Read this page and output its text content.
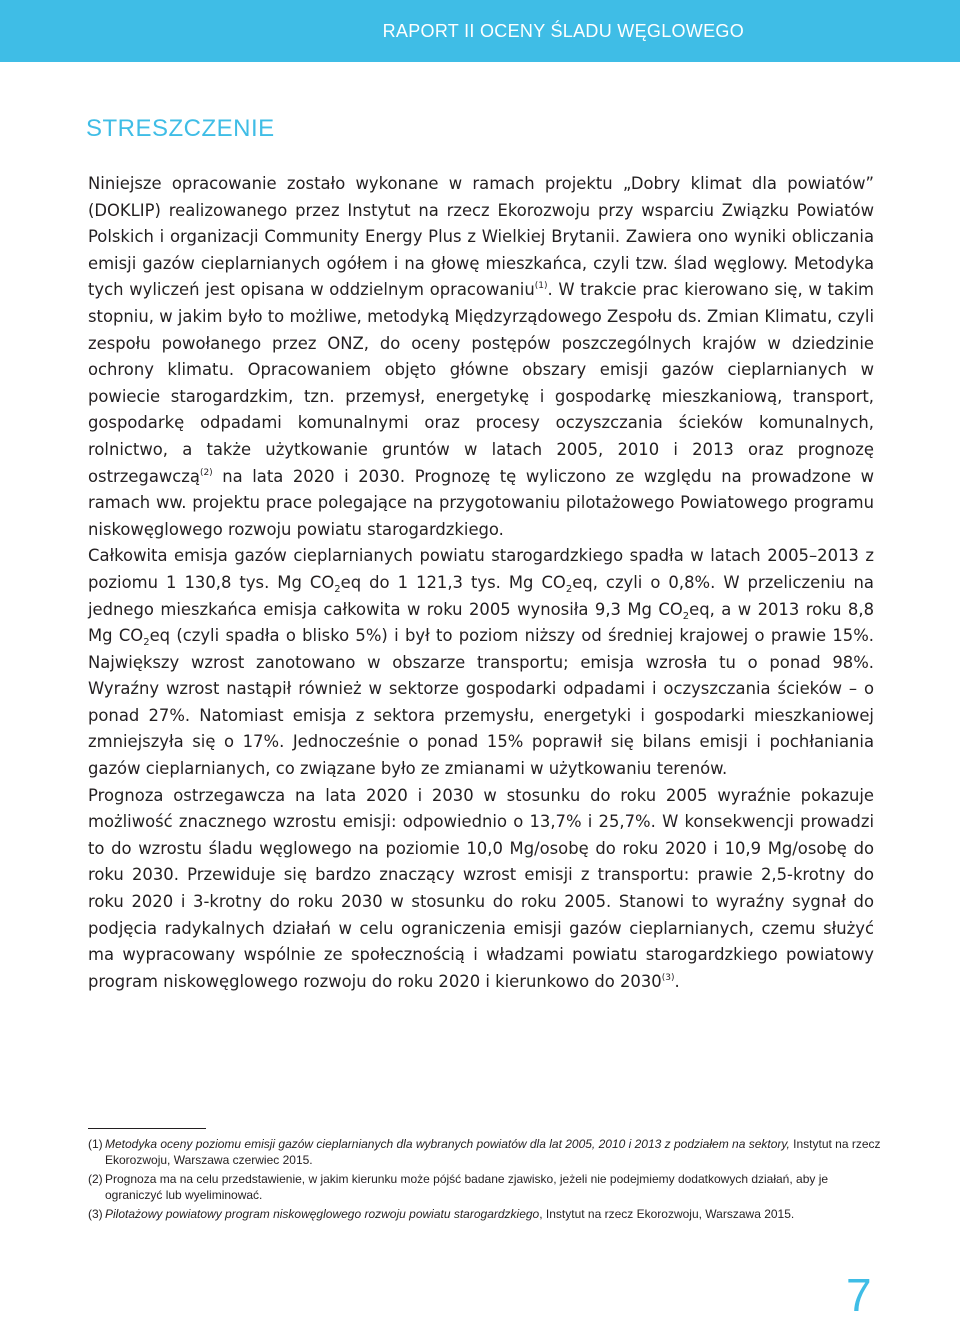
RAPORT II OCENY ŚLADU WĘGLOWEGO
STRESZCZENIE

Niniejsze opracowanie zostało wykonane w ramach projektu „Dobry klimat dla powiatów” (DOKLIP) realizowanego przez Instytut na rzecz Ekorozwoju przy wsparciu Związku Powiatów Polskich i organizacji Community Energy Plus z Wielkiej Brytanii. Zawiera ono wyniki obliczania emisji gazów cieplarnianych ogółem i na głowę mieszkańca, czyli tzw. ślad węglowy. Metodyka tych wyliczeń jest opisana w oddzielnym opracowaniu$^{(1)}$. W trakcie prac kierowano się, w takim stopniu, w jakim było to możliwe, metodyką Międzyrządowego Zespołu ds. Zmian Klimatu, czyli zespołu powołanego przez ONZ, do oceny postępów poszczególnych krajów w dziedzinie ochrony klimatu. Opracowaniem objęto główne obszary emisji gazów cieplarnianych w powiecie starogardzkim, tzn. przemysł, energetykę i gospodarkę mieszkaniową, transport, gospodarkę odpadami komunalnymi oraz procesy oczyszczania ścieków komunalnych, rolnictwo, a także użytkowanie gruntów w latach 2005, 2010 i 2013 oraz prognozę ostrzegawczą$^{(2)}$ na lata 2020 i 2030. Prognozę tę wyliczono ze względu na prowadzone w ramach ww. projektu prace polegające na przygotowaniu pilotażowego Powiatowego programu niskowęglowego rozwoju powiatu starogardzkiego.

Całkowita emisja gazów cieplarnianych powiatu starogardzkiego spadła w latach 2005–2013 z poziomu 1 130,8 tys. Mg $CO_2eq$ do 1 121,3 tys. Mg $CO_2eq$, czyli o 0,8%. W przeliczeniu na jednego mieszkańca emisja całkowita w roku 2005 wynosiła 9,3 Mg $CO_2eq$, a w 2013 roku 8,8 Mg $CO_2eq$ (czyli spadła o blisko 5%) i był to poziom niższy od średniej krajowej o prawie 15%. Największy wzrost zanotowano w obszarze transportu; emisja wzrosła tu o ponad 98%. Wyraźny wzrost nastąpił również w sektorze gospodarki odpadami i oczyszczania ścieków – o ponad 27%. Natomiast emisja z sektora przemysłu, energetyki i gospodarki mieszkaniowej zmniejszyła się o 17%. Jednocześnie o ponad 15% poprawił się bilans emisji i pochłaniania gazów cieplarnianych, co związane było ze zmianami w użytkowaniu terenów.

Prognoza ostrzegawcza na lata 2020 i 2030 w stosunku do roku 2005 wyraźnie pokazuje możliwość znacznego wzrostu emisji: odpowiednio o 13,7% i 25,7%. W konsekwencji prowadzi to do wzrostu śladu węglowego na poziomie 10,0 Mg/osobę do roku 2020 i 10,9 Mg/osobę do roku 2030. Przewiduje się bardzo znaczący wzrost emisji z transportu: prawie 2,5-krotny do roku 2020 i 3-krotny do roku 2030 w stosunku do roku 2005. Stanowi to wyraźny sygnał do podjęcia radykalnych działań w celu ograniczenia emisji gazów cieplarnianych, czemu służyć ma wypracowany wspólnie ze społecznością i władzami powiatu starogardzkiego powiatowy program niskowęglowego rozwoju do roku 2020 i kierunkowo do 2030$^{(3)}$.

(1) Metodyka oceny poziomu emisji gazów cieplarnianych dla wybranych powiatów dla lat 2005, 2010 i 2013 z podziałem na sektory, Instytut na rzecz Ekorozwoju, Warszawa czerwiec 2015.
(2) Prognoza ma na celu przedstawienie, w jakim kierunku może pójść badane zjawisko, jeżeli nie podejmiemy dodatkowych działań, aby je ograniczyć lub wyeliminować.
(3) Pilotażowy powiatowy program niskowęglowego rozwoju powiatu starogardzkiego, Instytut na rzecz Ekorozwoju, Warszawa 2015.
7
